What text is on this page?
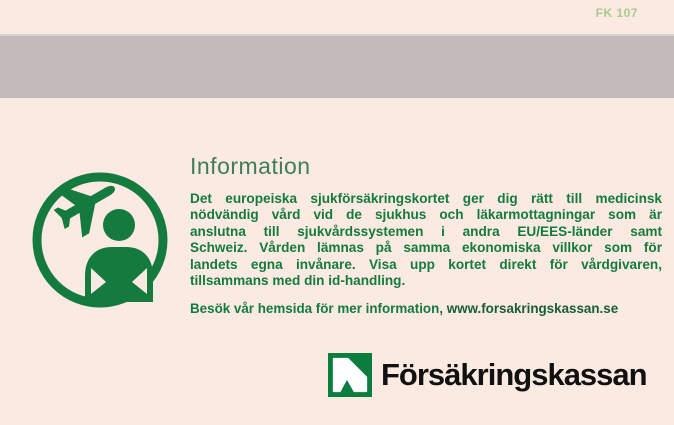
FK 107
Information
Det europeiska sjukförsäkringskortet ger dig rätt till medicinsk
nödvändig vård vid de sjukhus och läkarmottagningar som är
anslutna till sjukvårdssystemen i andra EU/EES-länder samt
Schweiz. Vården lämnas på samma ekonomiska villkor som för
landets egna invånare. Visa upp kortet direkt för vårdgivaren,
tillsammans med din id-handling.
Besök vår hemsida för mer information, www.forsakringskassan.se
Försäkringskassan
